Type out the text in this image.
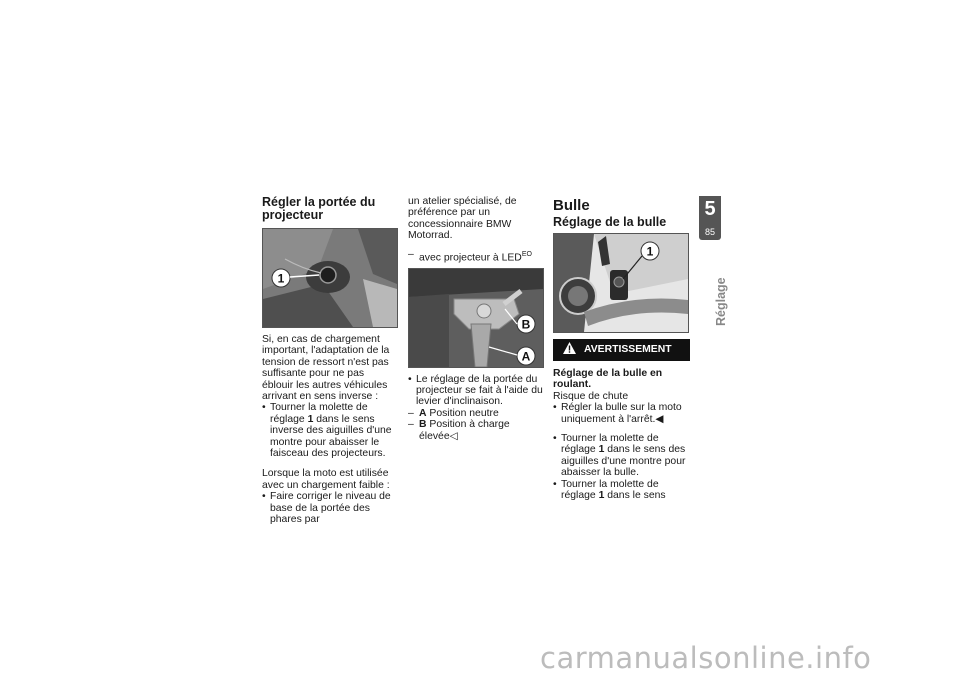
Régler la portée du projecteur
1

Si, en cas de chargement important, l'adaptation de la tension de ressort n'est pas suffisante pour ne pas éblouir les autres véhicules arrivant en sens inverse :

• Tourner la molette de réglage 1 dans le sens inverse des aiguilles d'une montre pour abaisser le faisceau des projecteurs.

Lorsque la moto est utilisée avec un chargement faible :

• Faire corriger le niveau de base de la portée des phares par

un atelier spécialisé, de préférence par un concessionnaire BMW Motorrad.

– avec projecteur à $LED^{EO}$

B
A

• Le réglage de la portée du projecteur se fait à l'aide du levier d'inclinaison.

– A Position neutre

– B Position à charge élevée◁

Bulle
Réglage de la bulle
1
AVERTISSEMENT

Réglage de la bulle en roulant.

Risque de chute

• Régler la bulle sur la moto uniquement à l'arrêt.◀

• Tourner la molette de réglage 1 dans le sens des aiguilles d'une montre pour abaisser la bulle.

• Tourner la molette de réglage 1 dans le sens

5
85
Réglage
carmanualsonline.info
